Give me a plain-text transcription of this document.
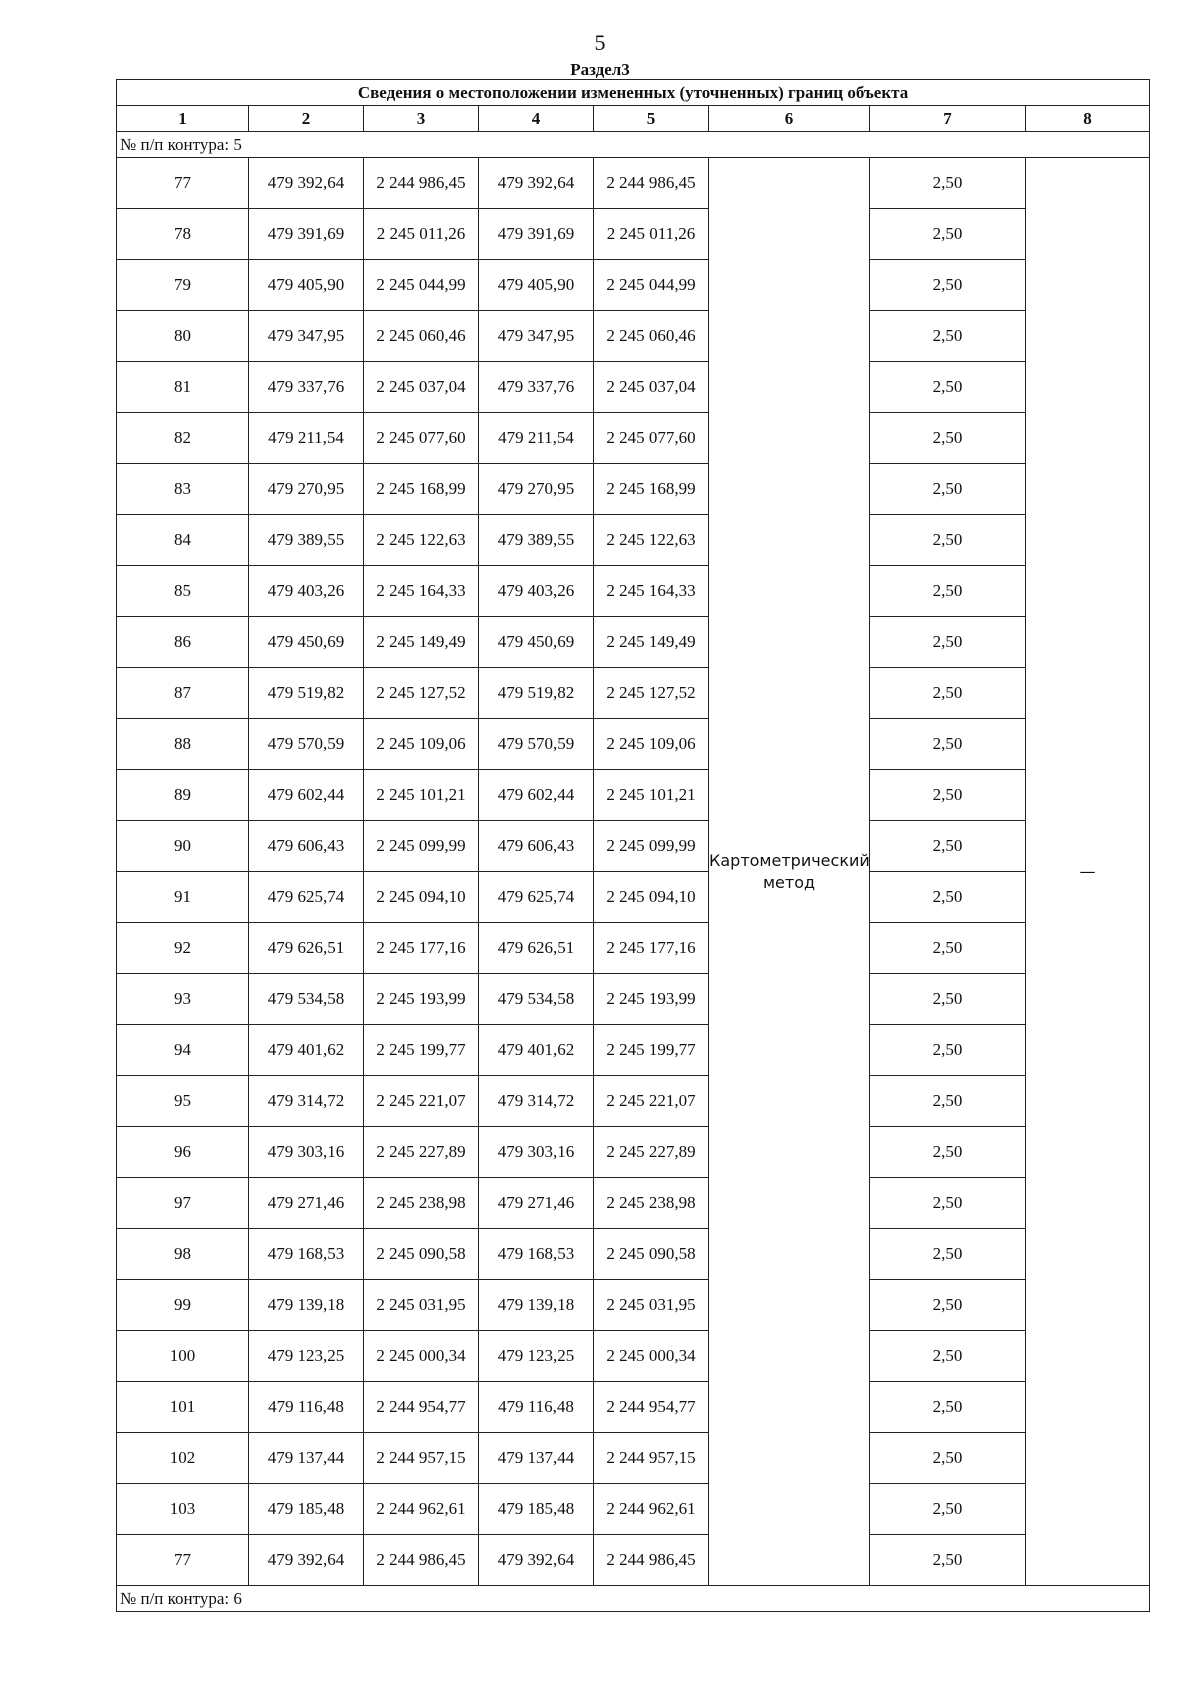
5
Раздел3
Сведения о местоположении измененных (уточненных) границ объекта							
1	2	3	4	5	6	7	8
№ п/п контура: 5							
77	479 392,64	2 244 986,45	479 392,64	2 244 986,45	Картометрический метод	2,50	—
78	479 391,69	2 245 011,26	479 391,69	2 245 011,26		2,50	
79	479 405,90	2 245 044,99	479 405,90	2 245 044,99		2,50	
80	479 347,95	2 245 060,46	479 347,95	2 245 060,46		2,50	
81	479 337,76	2 245 037,04	479 337,76	2 245 037,04		2,50	
82	479 211,54	2 245 077,60	479 211,54	2 245 077,60		2,50	
83	479 270,95	2 245 168,99	479 270,95	2 245 168,99		2,50	
84	479 389,55	2 245 122,63	479 389,55	2 245 122,63		2,50	
85	479 403,26	2 245 164,33	479 403,26	2 245 164,33		2,50	
86	479 450,69	2 245 149,49	479 450,69	2 245 149,49		2,50	
87	479 519,82	2 245 127,52	479 519,82	2 245 127,52		2,50	
88	479 570,59	2 245 109,06	479 570,59	2 245 109,06		2,50	
89	479 602,44	2 245 101,21	479 602,44	2 245 101,21		2,50	
90	479 606,43	2 245 099,99	479 606,43	2 245 099,99		2,50	
91	479 625,74	2 245 094,10	479 625,74	2 245 094,10		2,50	
92	479 626,51	2 245 177,16	479 626,51	2 245 177,16		2,50	
93	479 534,58	2 245 193,99	479 534,58	2 245 193,99		2,50	
94	479 401,62	2 245 199,77	479 401,62	2 245 199,77		2,50	
95	479 314,72	2 245 221,07	479 314,72	2 245 221,07		2,50	
96	479 303,16	2 245 227,89	479 303,16	2 245 227,89		2,50	
97	479 271,46	2 245 238,98	479 271,46	2 245 238,98		2,50	
98	479 168,53	2 245 090,58	479 168,53	2 245 090,58		2,50	
99	479 139,18	2 245 031,95	479 139,18	2 245 031,95		2,50	
100	479 123,25	2 245 000,34	479 123,25	2 245 000,34		2,50	
101	479 116,48	2 244 954,77	479 116,48	2 244 954,77		2,50	
102	479 137,44	2 244 957,15	479 137,44	2 244 957,15		2,50	
103	479 185,48	2 244 962,61	479 185,48	2 244 962,61		2,50	
77	479 392,64	2 244 986,45	479 392,64	2 244 986,45		2,50	
№ п/п контура: 6							
